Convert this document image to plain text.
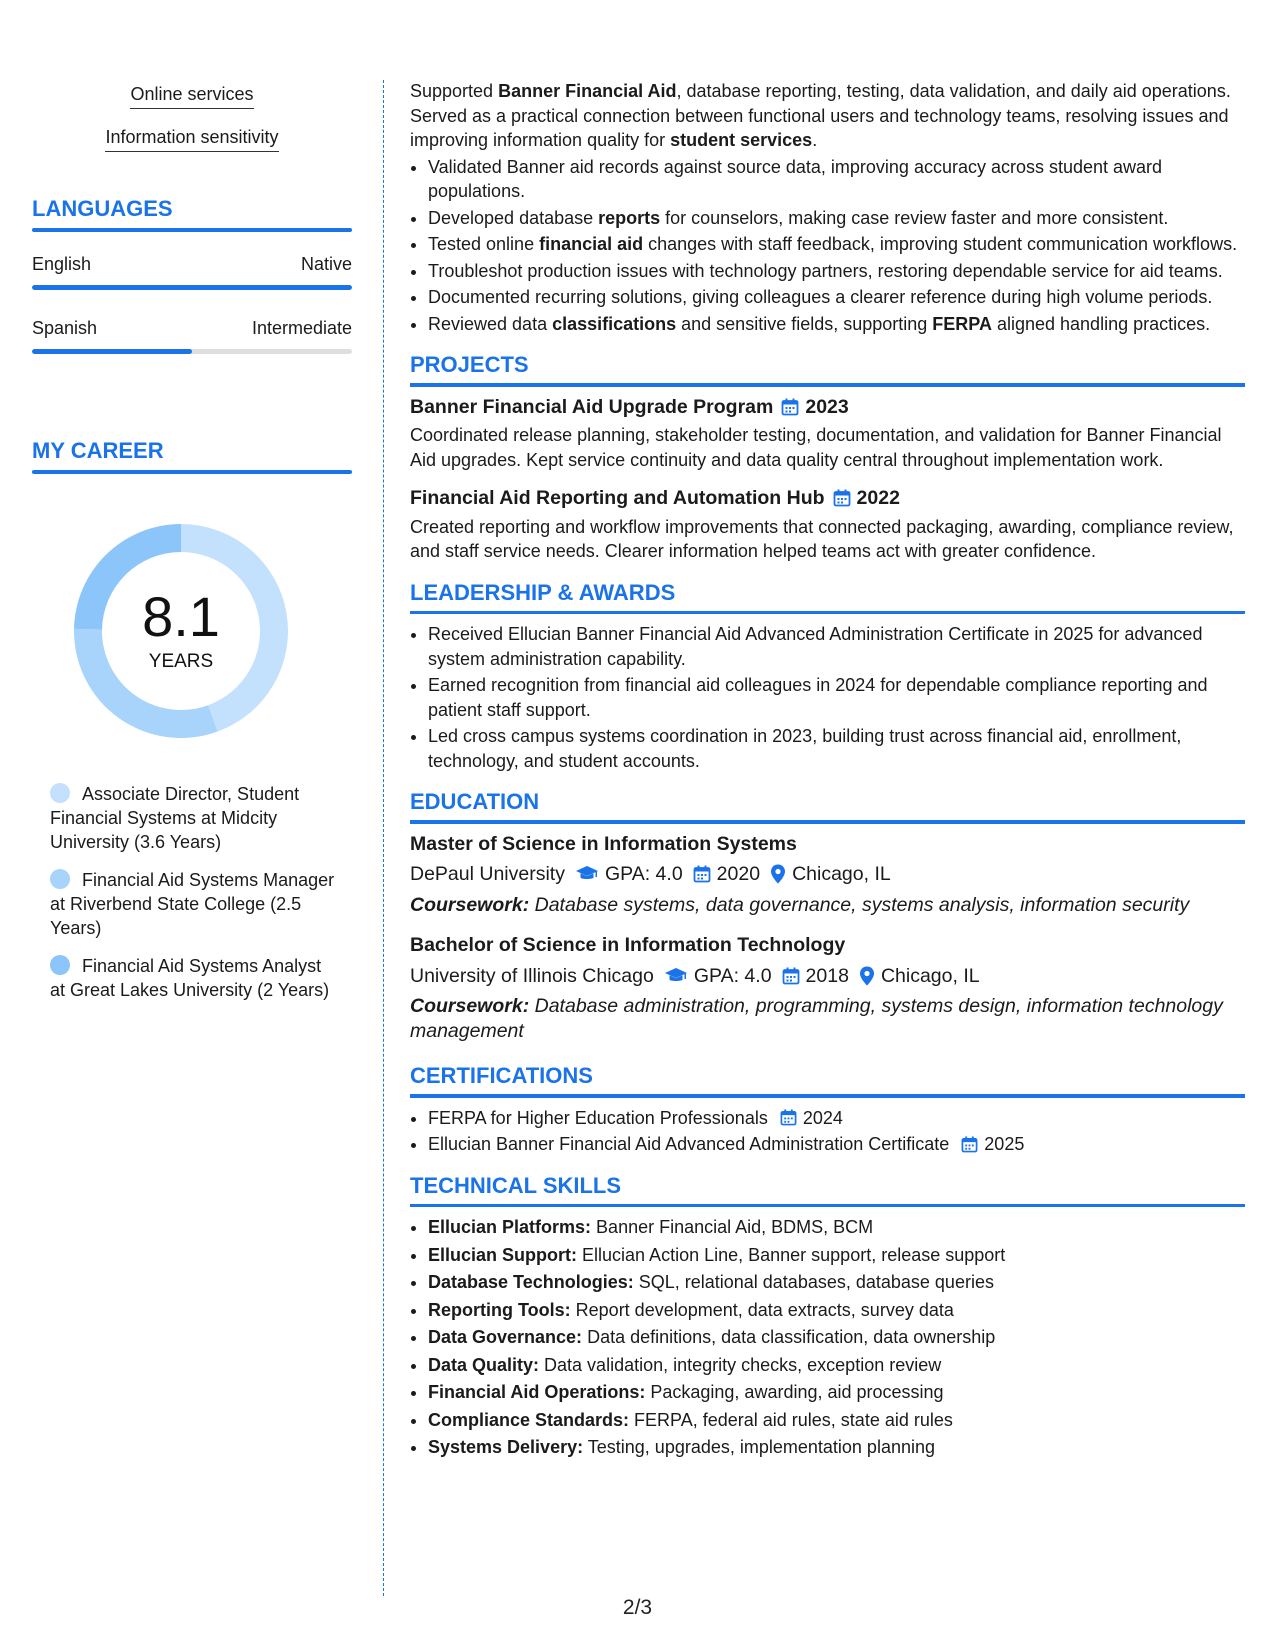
Online services
Information sensitivity
LANGUAGES
English	Native
Spanish	Intermediate
MY CAREER
8.1
YEARS
Associate Director, Student Financial Systems at Midcity University (3.6 Years)
Financial Aid Systems Manager at Riverbend State College (2.5 Years)
Financial Aid Systems Analyst at Great Lakes University (2 Years)

Supported Banner Financial Aid, database reporting, testing, data validation, and daily aid operations. Served as a practical connection between functional users and technology teams, resolving issues and improving information quality for student services.

• Validated Banner aid records against source data, improving accuracy across student award populations.
• Developed database reports for counselors, making case review faster and more consistent.
• Tested online financial aid changes with staff feedback, improving student communication workflows.
• Troubleshot production issues with technology partners, restoring dependable service for aid teams.
• Documented recurring solutions, giving colleagues a clearer reference during high volume periods.
• Reviewed data classifications and sensitive fields, supporting FERPA aligned handling practices.
PROJECTS
Banner Financial Aid Upgrade Program 2023

Coordinated release planning, stakeholder testing, documentation, and validation for Banner Financial Aid upgrades. Kept service continuity and data quality central throughout implementation work.

Financial Aid Reporting and Automation Hub 2022

Created reporting and workflow improvements that connected packaging, awarding, compliance review, and staff service needs. Clearer information helped teams act with greater confidence.

LEADERSHIP & AWARDS
• Received Ellucian Banner Financial Aid Advanced Administration Certificate in 2025 for advanced system administration capability.
• Earned recognition from financial aid colleagues in 2024 for dependable compliance reporting and patient staff support.
• Led cross campus systems coordination in 2023, building trust across financial aid, enrollment, technology, and student accounts.
EDUCATION
Master of Science in Information Systems
DePaul University GPA: 4.0 2020 Chicago, IL
Coursework: Database systems, data governance, systems analysis, information security
Bachelor of Science in Information Technology
University of Illinois Chicago GPA: 4.0 2018 Chicago, IL
Coursework: Database administration, programming, systems design, information technology management
CERTIFICATIONS
• FERPA for Higher Education Professionals 2024
• Ellucian Banner Financial Aid Advanced Administration Certificate 2025
TECHNICAL SKILLS
• Ellucian Platforms: Banner Financial Aid, BDMS, BCM
• Ellucian Support: Ellucian Action Line, Banner support, release support
• Database Technologies: SQL, relational databases, database queries
• Reporting Tools: Report development, data extracts, survey data
• Data Governance: Data definitions, data classification, data ownership
• Data Quality: Data validation, integrity checks, exception review
• Financial Aid Operations: Packaging, awarding, aid processing
• Compliance Standards: FERPA, federal aid rules, state aid rules
• Systems Delivery: Testing, upgrades, implementation planning
2/3
